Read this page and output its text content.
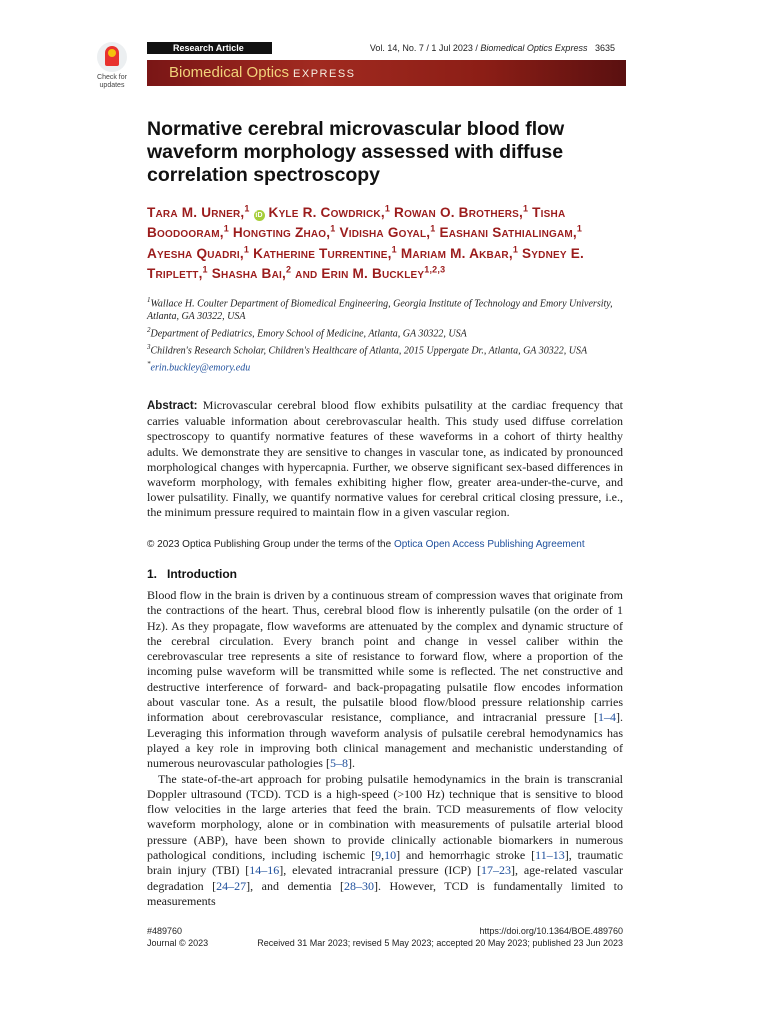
Check for updates
Research Article	Vol. 14, No. 7 / 1 Jul 2023 / Biomedical Optics Express 3635
Biomedical Optics EXPRESS
Normative cerebral microvascular blood flow waveform morphology assessed with diffuse correlation spectroscopy
Tara M. Urner,$^1$ iD Kyle R. Cowdrick,$^1$ Rowan O. Brothers,$^1$ Tisha Boodooram,$^1$ Hongting Zhao,$^1$ Vidisha Goyal,$^1$ Eashani Sathialingam,$^1$ Ayesha Quadri,$^1$ Katherine Turrentine,$^1$ Mariam M. Akbar,$^1$ Sydney E. Triplett,$^1$ Shasha Bai,$^2$ and Erin M. Buckley$^{1,2,3}$
$^1$Wallace H. Coulter Department of Biomedical Engineering, Georgia Institute of Technology and Emory University, Atlanta, GA 30322, USA
$^2$Department of Pediatrics, Emory School of Medicine, Atlanta, GA 30322, USA
$^3$Children's Research Scholar, Children's Healthcare of Atlanta, 2015 Uppergate Dr., Atlanta, GA 30322, USA
*erin.buckley@emory.edu
Abstract: Microvascular cerebral blood flow exhibits pulsatility at the cardiac frequency that carries valuable information about cerebrovascular health. This study used diffuse correlation spectroscopy to quantify normative features of these waveforms in a cohort of thirty healthy adults. We demonstrate they are sensitive to changes in vascular tone, as indicated by pronounced morphological changes with hypercapnia. Further, we observe significant sex-based differences in waveform morphology, with females exhibiting higher flow, greater area-under-the-curve, and lower pulsatility. Finally, we quantify normative values for cerebral critical closing pressure, i.e., the minimum pressure required to maintain flow in a given vascular region.
© 2023 Optica Publishing Group under the terms of the Optica Open Access Publishing Agreement
1. Introduction

Blood flow in the brain is driven by a continuous stream of compression waves that originate from the contractions of the heart. Thus, cerebral blood flow is inherently pulsatile (on the order of 1 Hz). As they propagate, flow waveforms are attenuated by the complex and dynamic structure of the cerebral circulation. Every branch point and change in vessel caliber within the cerebrovascular tree represents a site of resistance to forward flow, where a proportion of the incoming pulse waveform will be transmitted while some is reflected. The net constructive and destructive interference of forward- and back-propagating pulsatile flow encodes information about vascular tone. As a result, the pulsatile blood flow/blood pressure relationship carries information about cerebrovascular resistance, compliance, and intracranial pressure [1–4]. Leveraging this information through waveform analysis of pulsatile cerebral hemodynamics has played a key role in improving both clinical management and mechanistic understanding of numerous neurovascular pathologies [5–8].

The state-of-the-art approach for probing pulsatile hemodynamics in the brain is transcranial Doppler ultrasound (TCD). TCD is a high-speed (>100 Hz) technique that is sensitive to blood flow velocities in the large arteries that feed the brain. TCD measurements of flow velocity waveform morphology, alone or in combination with measurements of pulsatile arterial blood pressure (ABP), have been shown to provide clinically actionable biomarkers in numerous pathological conditions, including ischemic [9,10] and hemorrhagic stroke [11–13], traumatic brain injury (TBI) [14–16], elevated intracranial pressure (ICP) [17–23], age-related vascular degradation [24–27], and dementia [28–30]. However, TCD is fundamentally limited to measurements

#489760	https://doi.org/10.1364/BOE.489760
Journal © 2023	Received 31 Mar 2023; revised 5 May 2023; accepted 20 May 2023; published 23 Jun 2023
